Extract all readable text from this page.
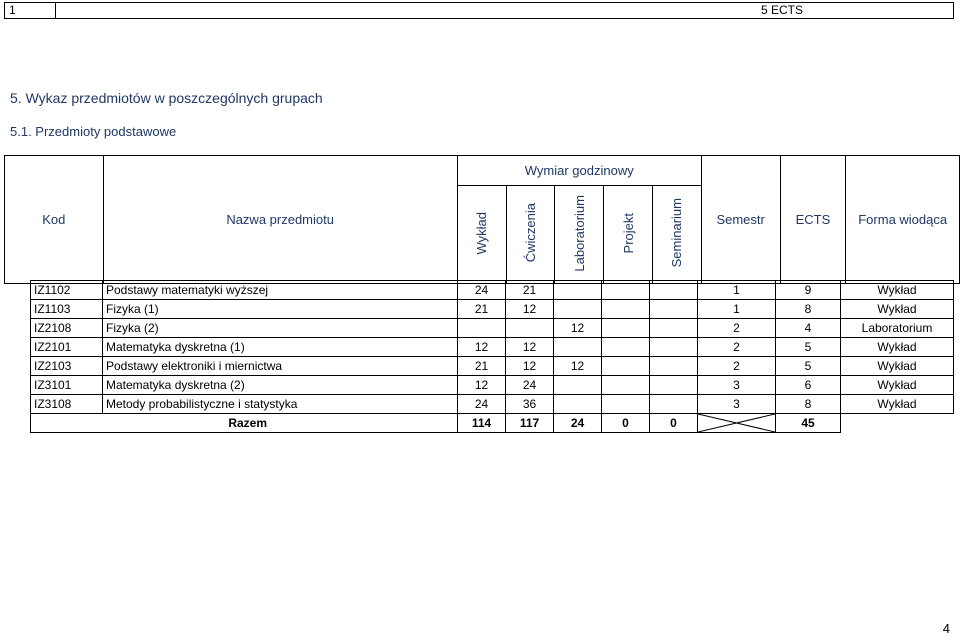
1	5 ECTS
5. Wykaz przedmiotów w poszczególnych grupach
5.1. Przedmioty podstawowe
Kod	Nazwa przedmiotu	Wymiar godzinowy					Semestr	ECTS	Forma wiodąca
		Wykład	Ćwiczenia	Laboratorium	Projekt	Seminarium			
IZ1102	Podstawy matematyki wyższej	24	21				1	9	Wykład
IZ1103	Fizyka (1)	21	12				1	8	Wykład
IZ2108	Fizyka (2)			12			2	4	Laboratorium
IZ2101	Matematyka dyskretna (1)	12	12				2	5	Wykład
IZ2103	Podstawy elektroniki i miernictwa	21	12	12			2	5	Wykład
IZ3101	Matematyka dyskretna (2)	12	24				3	6	Wykład
IZ3108	Metody probabilistyczne i statystyka	24	36				3	8	Wykład
Razem		114	117	24	0	0		45	
4
